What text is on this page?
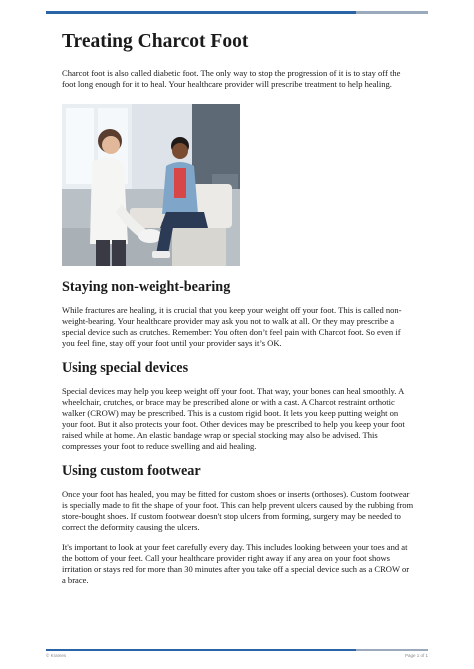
Treating Charcot Foot

Charcot foot is also called diabetic foot. The only way to stop the progression of it is to stay off the foot long enough for it to heal. Your healthcare provider will prescribe treatment to help healing.

Staying non-weight-bearing

While fractures are healing, it is crucial that you keep your weight off your foot. This is called non-weight-bearing. Your healthcare provider may ask you not to walk at all. Or they may prescribe a special device such as crutches. Remember: You often don’t feel pain with Charcot foot. So even if you feel fine, stay off your foot until your provider says it’s OK.

Using special devices

Special devices may help you keep weight off your foot. That way, your bones can heal smoothly. A wheelchair, crutches, or brace may be prescribed alone or with a cast. A Charcot restraint orthotic walker (CROW) may be prescribed. This is a custom rigid boot. It lets you keep putting weight on your foot. But it also protects your foot. Other devices may be prescribed to help you keep your foot raised while at home. An elastic bandage wrap or special stocking may also be advised. This compresses your foot to reduce swelling and aid healing.

Using custom footwear

Once your foot has healed, you may be fitted for custom shoes or inserts (orthoses). Custom footwear is specially made to fit the shape of your foot. This can help prevent ulcers caused by the rubbing from store-bought shoes. If custom footwear doesn't stop ulcers from forming, surgery may be needed to correct the deformity causing the ulcers.

It's important to look at your feet carefully every day. This includes looking between your toes and at the bottom of your feet. Call your healthcare provider right away if any area on your foot shows irritation or stays red for more than 30 minutes after you take off a special device such as a CROW or a brace.

© Krames	Page 1 of 1
